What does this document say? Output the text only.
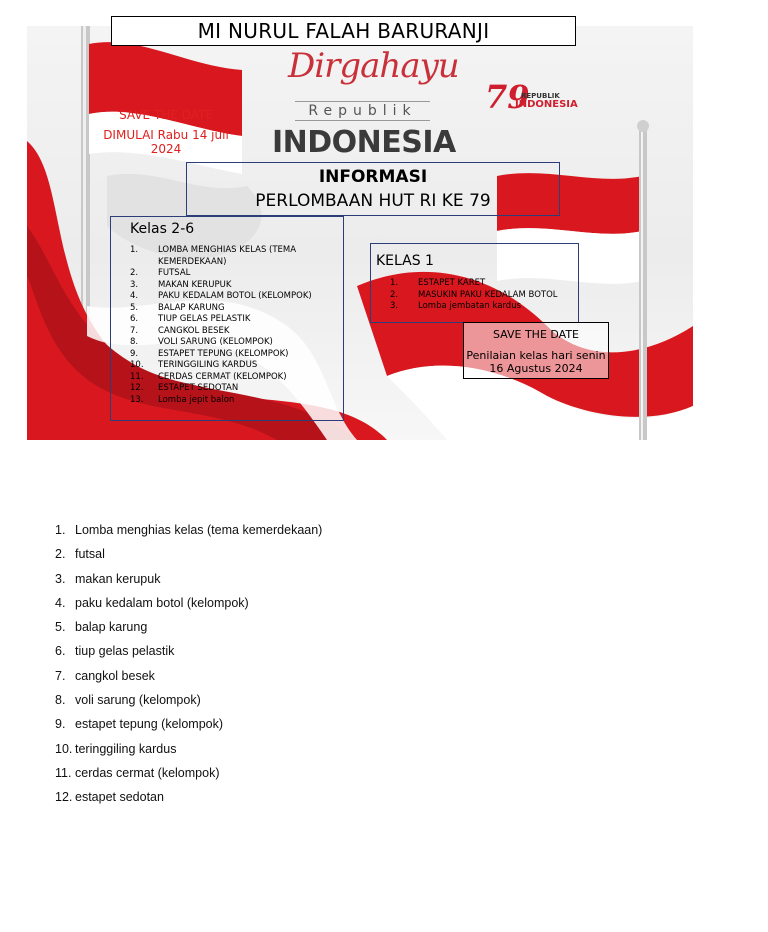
Dirgahayu
Republik
INDONESIA
79
REPUBLIK
INDONESIA
MI NURUL FALAH BARURANJI
SAVE THE DATE
DIMULAI Rabu 14 juli 2024
INFORMASI
PERLOMBAAN HUT RI KE 79
Kelas 2-6
1.	LOMBA MENGHIAS KELAS (TEMA KEMERDEKAAN)
2.	FUTSAL
3.	MAKAN KERUPUK
4.	PAKU KEDALAM BOTOL (KELOMPOK)
5.	BALAP KARUNG
6.	TIUP GELAS PELASTIK
7.	CANGKOL BESEK
8.	VOLI SARUNG (KELOMPOK)
9.	ESTAPET TEPUNG (KELOMPOK)
10.	TERINGGILING KARDUS
11.	CERDAS CERMAT (KELOMPOK)
12.	ESTAPET SEDOTAN
13.	Lomba jepit balon
KELAS 1
1.	ESTAPET KARET
2.	MASUKIN PAKU KEDALAM BOTOL
3.	Lomba jembatan kardus
SAVE THE DATE
Penilaian kelas hari senin 16 Agustus 2024
1. Lomba menghias kelas (tema kemerdekaan)
2. futsal
3. makan kerupuk
4. paku kedalam botol (kelompok)
5. balap karung
6. tiup gelas pelastik
7. cangkol besek
8. voli sarung (kelompok)
9. estapet tepung (kelompok)
10. teringgiling kardus
11. cerdas cermat (kelompok)
12. estapet sedotan
